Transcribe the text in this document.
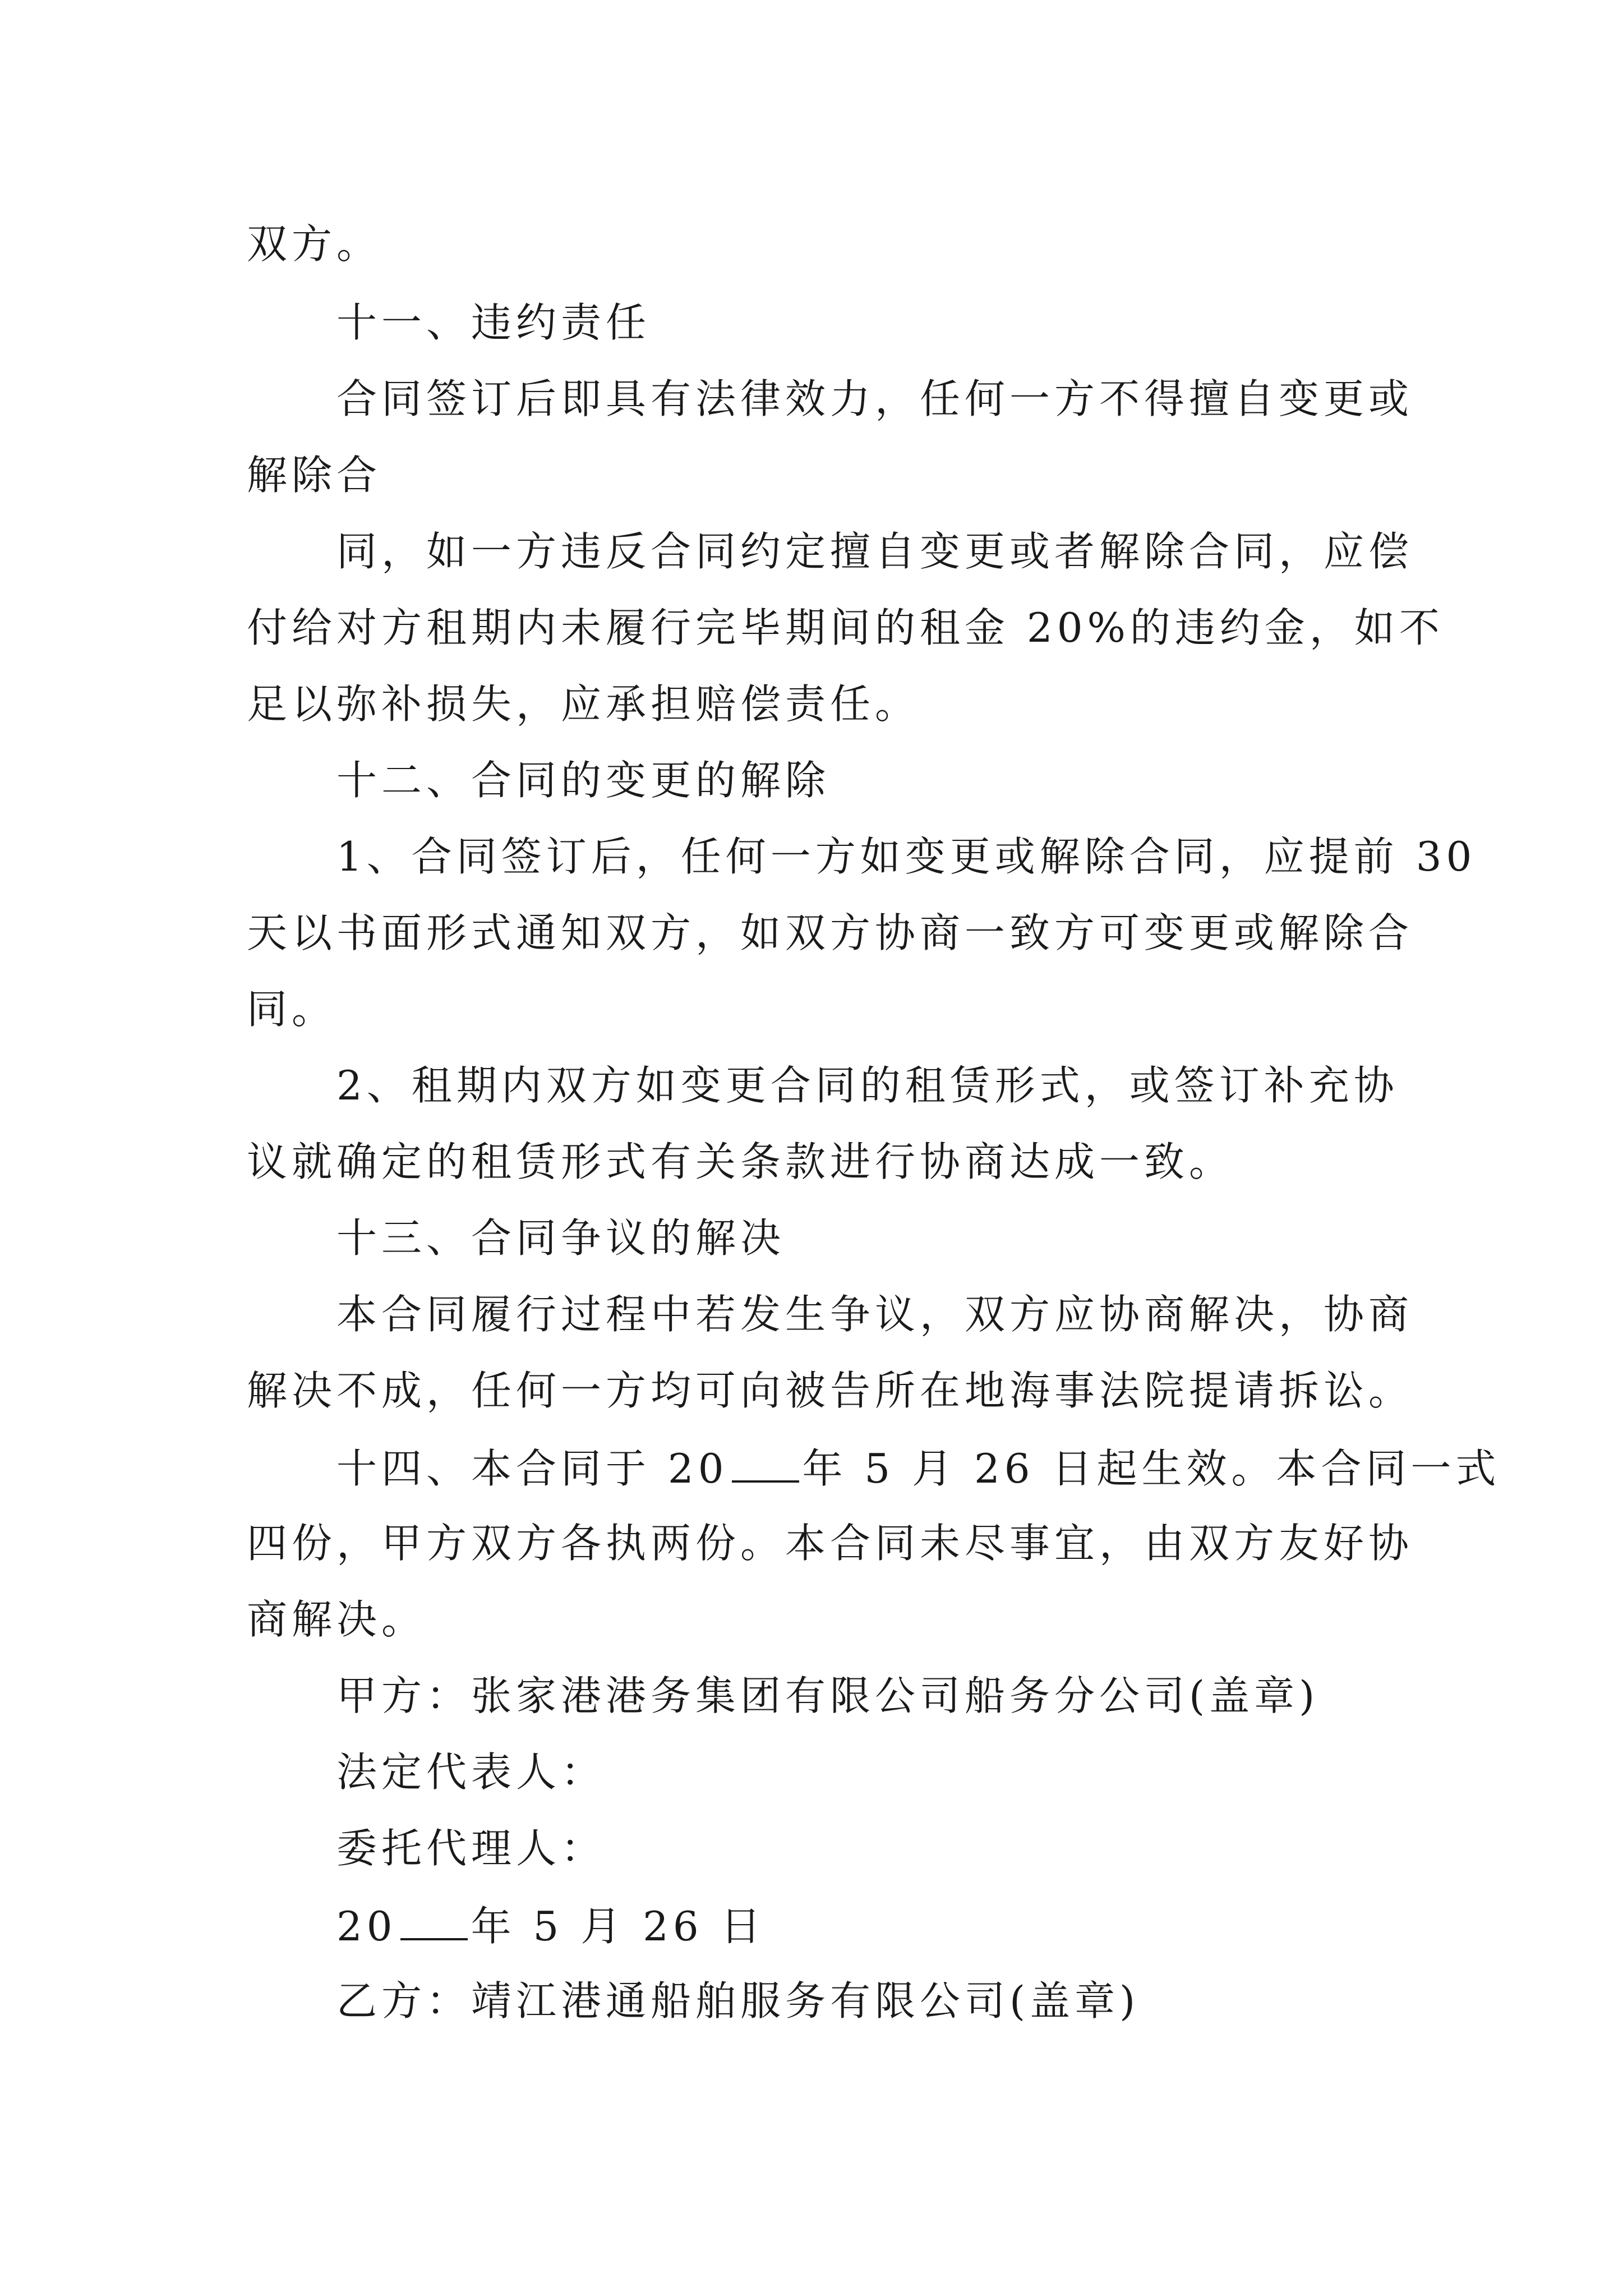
双方。

十一、违约责任

合同签订后即具有法律效力，任何一方不得擅自变更或

解除合

同，如一方违反合同约定擅自变更或者解除合同，应偿

付给对方租期内未履行完毕期间的租金 20%的违约金，如不

足以弥补损失，应承担赔偿责任。

十二、合同的变更的解除

1、合同签订后，任何一方如变更或解除合同，应提前 30

天以书面形式通知双方，如双方协商一致方可变更或解除合

同。

2、租期内双方如变更合同的租赁形式，或签订补充协

议就确定的租赁形式有关条款进行协商达成一致。

十三、合同争议的解决

本合同履行过程中若发生争议，双方应协商解决，协商

解决不成，任何一方均可向被告所在地海事法院提请拆讼。

十四、本合同于 20 年 5 月 26 日起生效。本合同一式

四份，甲方双方各执两份。本合同未尽事宜，由双方友好协

商解决。

甲方：张家港港务集团有限公司船务分公司(盖章)

法定代表人：

委托代理人：

20 年 5 月 26 日

乙方：靖江港通船舶服务有限公司(盖章)
